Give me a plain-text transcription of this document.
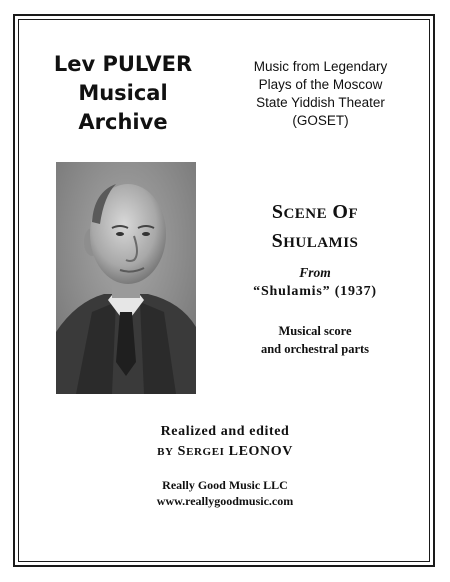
Lev PULVER
Musical
Archive
Music from Legendary
Plays of the Moscow
State Yiddish Theater
(GOSET)
SCENE OF
SHULAMIS
From
“Shulamis” (1937)
Musical score
and orchestral parts
Realized and edited
BY SERGEI LEONOV
Really Good Music LLC
www.reallygoodmusic.com
